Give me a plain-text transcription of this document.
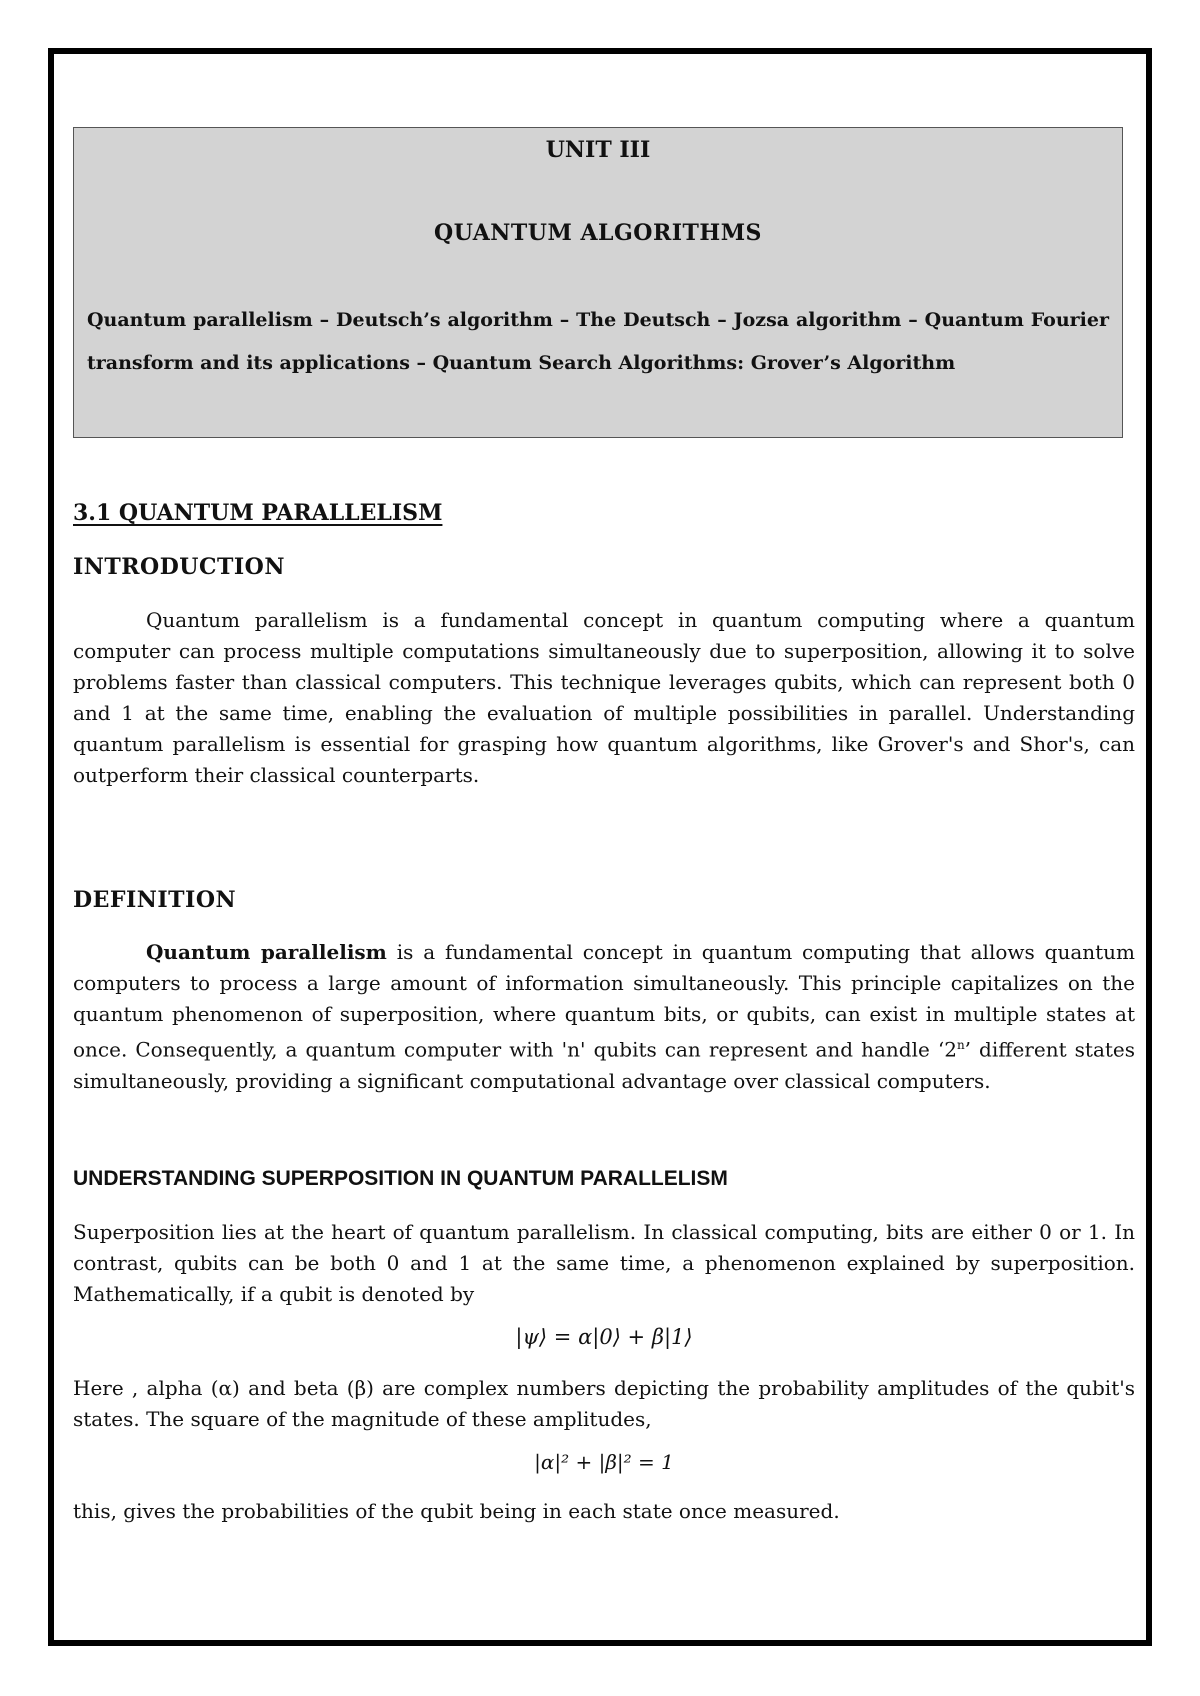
UNIT III
QUANTUM ALGORITHMS

Quantum parallelism – Deutsch’s algorithm – The Deutsch – Jozsa algorithm – Quantum Fourier transform and its applications – Quantum Search Algorithms: Grover’s Algorithm

3.1 QUANTUM PARALLELISM
INTRODUCTION

Quantum parallelism is a fundamental concept in quantum computing where a quantum computer can process multiple computations simultaneously due to superposition, allowing it to solve problems faster than classical computers. This technique leverages qubits, which can represent both 0 and 1 at the same time, enabling the evaluation of multiple possibilities in parallel. Understanding quantum parallelism is essential for grasping how quantum algorithms, like Grover's and Shor's, can outperform their classical counterparts.

DEFINITION

Quantum parallelism is a fundamental concept in quantum computing that allows quantum computers to process a large amount of information simultaneously. This principle capitalizes on the quantum phenomenon of superposition, where quantum bits, or qubits, can exist in multiple states at once. Consequently, a quantum computer with 'n' qubits can represent and handle ‘2$^n$’ different states simultaneously, providing a significant computational advantage over classical computers.

UNDERSTANDING SUPERPOSITION IN QUANTUM PARALLELISM

Superposition lies at the heart of quantum parallelism. In classical computing, bits are either 0 or 1. In contrast, qubits can be both 0 and 1 at the same time, a phenomenon explained by superposition. Mathematically, if a qubit is denoted by

|ψ⟩ = α|0⟩ + β|1⟩

Here , alpha (α) and beta (β) are complex numbers depicting the probability amplitudes of the qubit's states. The square of the magnitude of these amplitudes,

|α|² + |β|² = 1

this, gives the probabilities of the qubit being in each state once measured.
